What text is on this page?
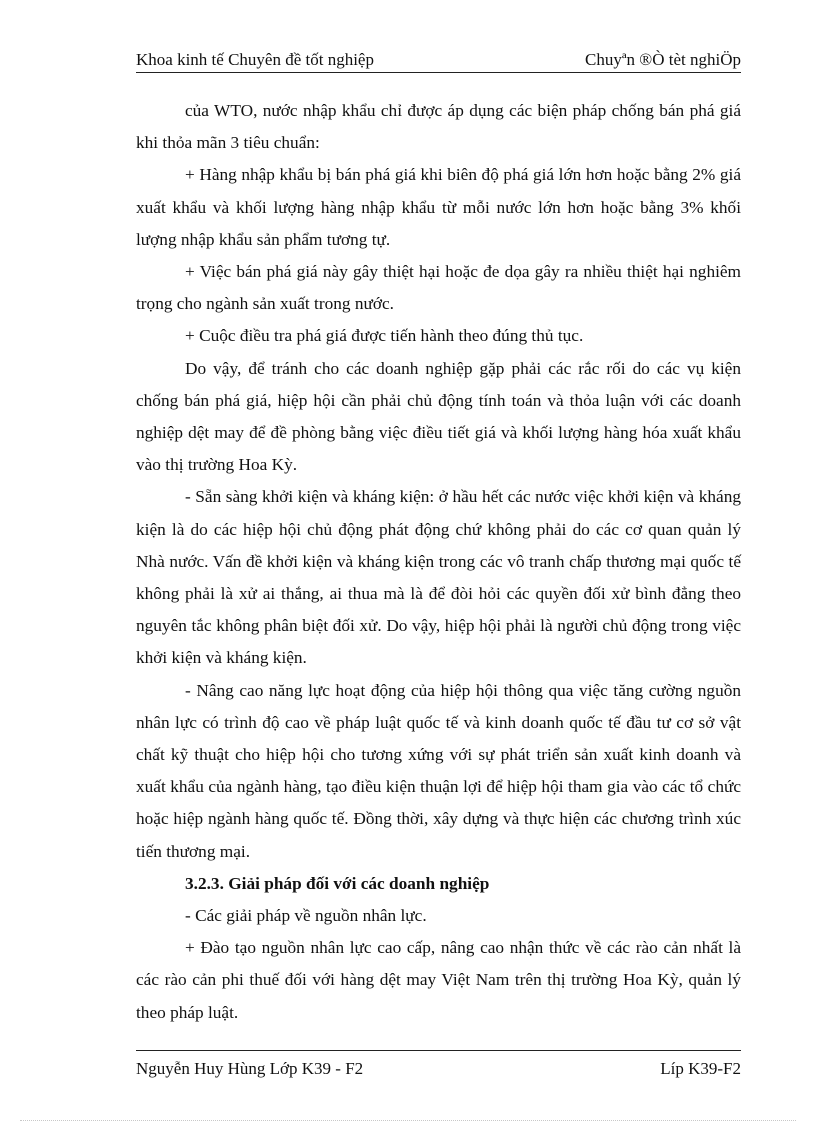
Khoa kinh tế Chuyên đề tốt nghiệp	Chuyªn ®Ò tèt nghiÖp

của WTO, nước nhập khẩu chỉ được áp dụng các biện pháp chống bán phá giá khi thỏa mãn 3 tiêu chuẩn:

+ Hàng nhập khẩu bị bán phá giá khi biên độ phá giá lớn hơn hoặc bằng 2% giá xuất khẩu và khối lượng hàng nhập khẩu từ mỗi nước lớn hơn hoặc bằng 3% khối lượng nhập khẩu sản phẩm tương tự.

+ Việc bán phá giá này gây thiệt hại hoặc đe dọa gây ra nhiều thiệt hại nghiêm trọng cho ngành sản xuất trong nước.

+ Cuộc điều tra phá giá được tiến hành theo đúng thủ tục.

Do vậy, để tránh cho các doanh nghiệp gặp phải các rắc rối do các vụ kiện chống bán phá giá, hiệp hội cần phải chủ động tính toán và thỏa luận với các doanh nghiệp dệt may để đề phòng bằng việc điều tiết giá và khối lượng hàng hóa xuất khẩu vào thị trường Hoa Kỳ.

- Sẵn sàng khởi kiện và kháng kiện: ở hầu hết các nước việc khởi kiện và kháng kiện là do các hiệp hội chủ động phát động chứ không phải do các cơ quan quản lý Nhà nước. Vấn đề khởi kiện và kháng kiện trong các vô tranh chấp thương mại quốc tế không phải là xử ai thắng, ai thua mà là để đòi hỏi các quyền đối xử bình đẳng theo nguyên tắc không phân biệt đối xử. Do vậy, hiệp hội phải là người chủ động trong việc khởi kiện và kháng kiện.

- Nâng cao năng lực hoạt động của hiệp hội thông qua việc tăng cường nguồn nhân lực có trình độ cao về pháp luật quốc tế và kinh doanh quốc tế đầu tư cơ sở vật chất kỹ thuật cho hiệp hội cho tương xứng với sự phát triển sản xuất kinh doanh và xuất khẩu của ngành hàng, tạo điều kiện thuận lợi để hiệp hội tham gia vào các tổ chức hoặc hiệp ngành hàng quốc tế. Đồng thời, xây dựng và thực hiện các chương trình xúc tiến thương mại.

3.2.3. Giải pháp đối với các doanh nghiệp

- Các giải pháp về nguồn nhân lực.

+ Đào tạo nguồn nhân lực cao cấp, nâng cao nhận thức về các rào cản nhất là các rào cản phi thuế đối với hàng dệt may Việt Nam trên thị trường Hoa Kỳ, quản lý theo pháp luật.

Nguyễn Huy Hùng Lớp K39 - F2	Líp K39-F2
